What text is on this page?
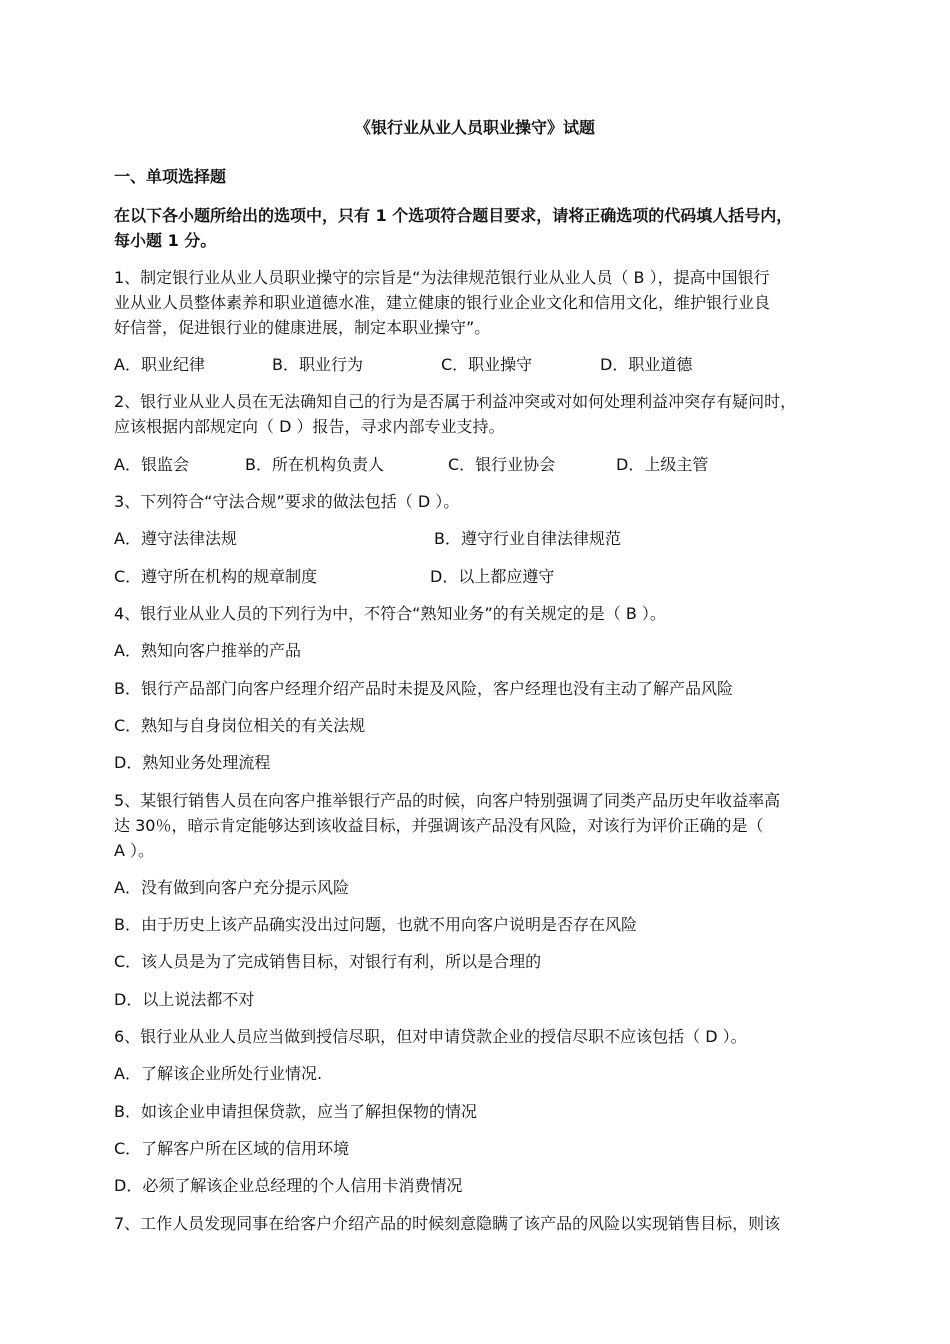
《银行业从业人员职业操守》试题
一、单项选择题
在以下各小题所给出的选项中，只有 1 个选项符合题目要求，请将正确选项的代码填人括号内，
每小题 1 分。
1、制定银行业从业人员职业操守的宗旨是“为法律规范银行业从业人员（ B ），提高中国银行
业从业人员整体素养和职业道德水准，建立健康的银行业企业文化和信用文化，维护银行业良
好信誉，促进银行业的健康进展，制定本职业操守”。
A．职业纪律	B．职业行为	C．职业操守	D．职业道德
2、银行业从业人员在无法确知自己的行为是否属于利益冲突或对如何处理利益冲突存有疑问时，
应该根据内部规定向（ D ）报告，寻求内部专业支持。
A．银监会	B．所在机构负责人	C．银行业协会	D．上级主管
3、下列符合“守法合规”要求的做法包括（ D ）。
A．遵守法律法规	B．遵守行业自律法律规范
C．遵守所在机构的规章制度	D．以上都应遵守
4、银行业从业人员的下列行为中，不符合“熟知业务”的有关规定的是（ B ）。
A．熟知向客户推举的产品
B．银行产品部门向客户经理介绍产品时未提及风险，客户经理也没有主动了解产品风险
C．熟知与自身岗位相关的有关法规
D．熟知业务处理流程
5、某银行销售人员在向客户推举银行产品的时候，向客户特别强调了同类产品历史年收益率高
达 30％，暗示肯定能够达到该收益目标，并强调该产品没有风险，对该行为评价正确的是（
A ）。
A．没有做到向客户充分提示风险
B．由于历史上该产品确实没出过问题，也就不用向客户说明是否存在风险
C．该人员是为了完成销售目标，对银行有利，所以是合理的
D．以上说法都不对
6、银行业从业人员应当做到授信尽职，但对申请贷款企业的授信尽职不应该包括（ D ）。
A．了解该企业所处行业情况.
B．如该企业申请担保贷款，应当了解担保物的情况
C．了解客户所在区域的信用环境
D．必须了解该企业总经理的个人信用卡消费情况
7、工作人员发现同事在给客户介绍产品的时候刻意隐瞒了该产品的风险以实现销售目标，则该
